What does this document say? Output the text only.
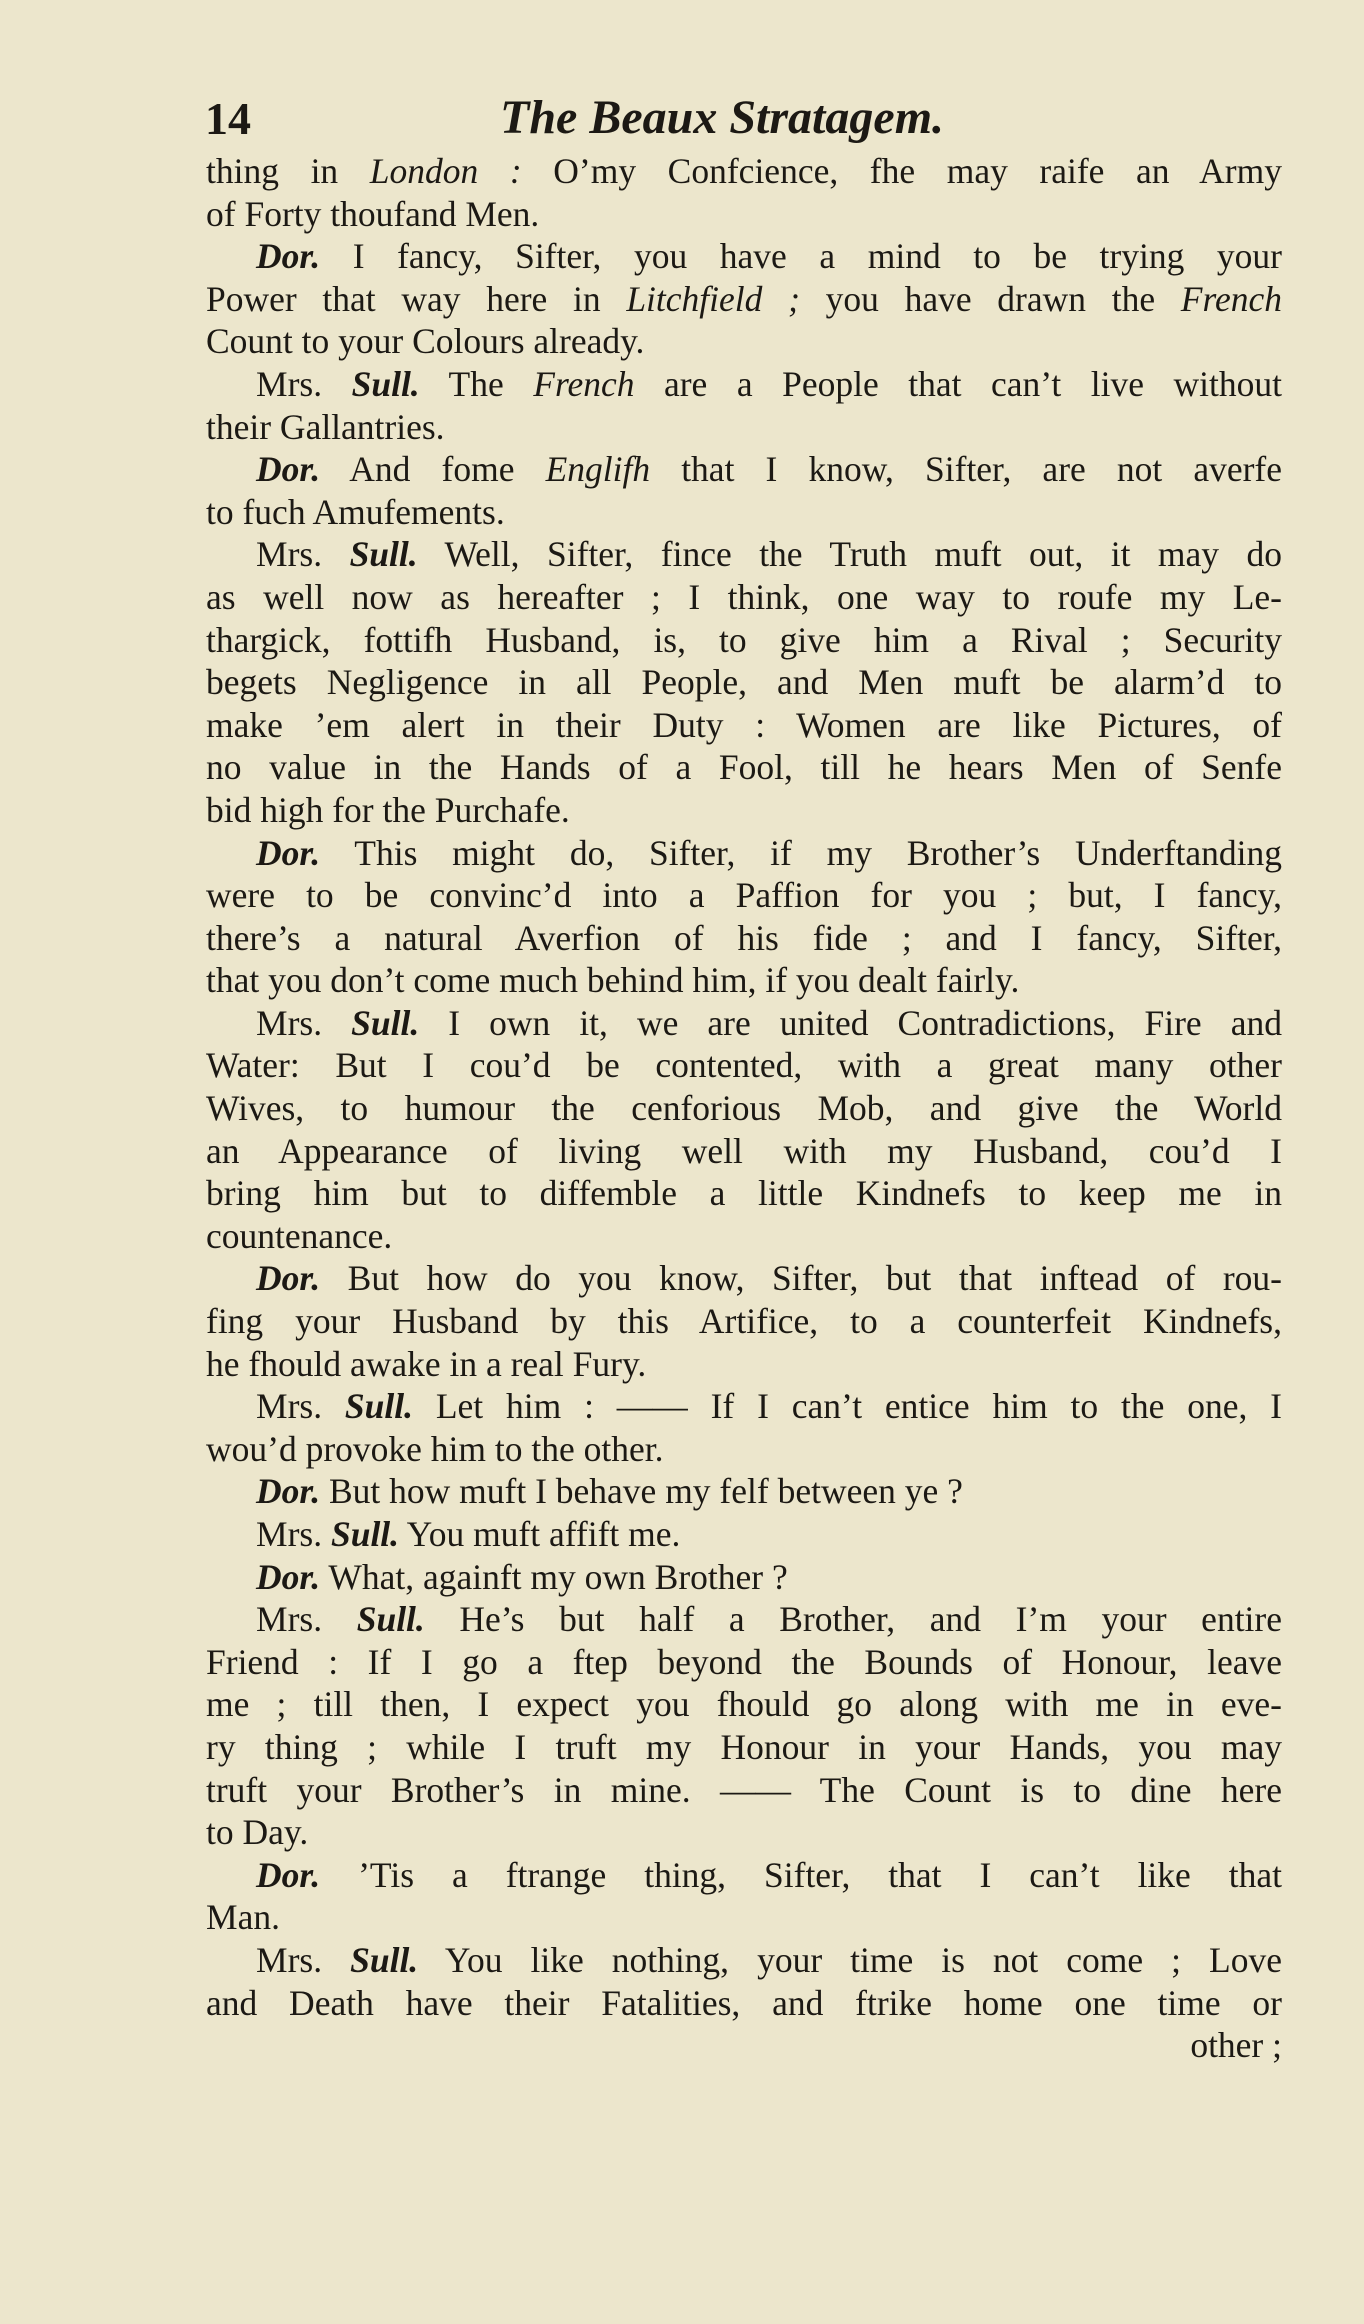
14	The Beaux Stratagem.
thing in London : O’my Confcience, fhe may raife an Army
of Forty thoufand Men.
Dor. I fancy, Sifter, you have a mind to be trying your
Power that way here in Litchfield ; you have drawn the French
Count to your Colours already.
Mrs. Sull. The French are a People that can’t live without
their Gallantries.
Dor. And fome Englifh that I know, Sifter, are not averfe
to fuch Amufements.
Mrs. Sull. Well, Sifter, fince the Truth muft out, it may do
as well now as hereafter ; I think, one way to roufe my Le-
thargick, fottifh Husband, is, to give him a Rival ; Security
begets Negligence in all People, and Men muft be alarm’d to
make ’em alert in their Duty : Women are like Pictures, of
no value in the Hands of a Fool, till he hears Men of Senfe
bid high for the Purchafe.
Dor. This might do, Sifter, if my Brother’s Underftanding
were to be convinc’d into a Paffion for you ; but, I fancy,
there’s a natural Averfion of his fide ; and I fancy, Sifter,
that you don’t come much behind him, if you dealt fairly.
Mrs. Sull. I own it, we are united Contradictions, Fire and
Water: But I cou’d be contented, with a great many other
Wives, to humour the cenforious Mob, and give the World
an Appearance of living well with my Husband, cou’d I
bring him but to diffemble a little Kindnefs to keep me in
countenance.
Dor. But how do you know, Sifter, but that inftead of rou-
fing your Husband by this Artifice, to a counterfeit Kindnefs,
he fhould awake in a real Fury.
Mrs. Sull. Let him : —— If I can’t entice him to the one, I
wou’d provoke him to the other.
Dor. But how muft I behave my felf between ye ?
Mrs. Sull. You muft affift me.
Dor. What, againft my own Brother ?
Mrs. Sull. He’s but half a Brother, and I’m your entire
Friend : If I go a ftep beyond the Bounds of Honour, leave
me ; till then, I expect you fhould go along with me in eve-
ry thing ; while I truft my Honour in your Hands, you may
truft your Brother’s in mine. —— The Count is to dine here
to Day.
Dor. ’Tis a ftrange thing, Sifter, that I can’t like that
Man.
Mrs. Sull. You like nothing, your time is not come ; Love
and Death have their Fatalities, and ftrike home one time or
other ;
